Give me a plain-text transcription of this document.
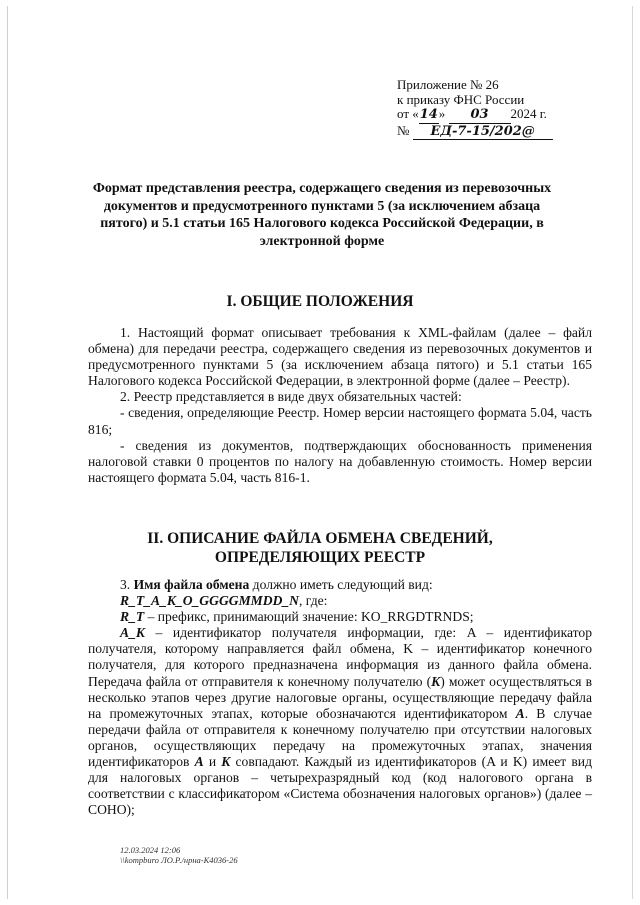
Приложение № 26
к приказу ФНС России
от «14» 03 2024 г.
№ ЕД-7-15/202@
Формат представления реестра, содержащего сведения из перевозочных документов и предусмотренного пунктами 5 (за исключением абзаца пятого) и 5.1 статьи 165 Налогового кодекса Российской Федерации, в электронной форме
I. ОБЩИЕ ПОЛОЖЕНИЯ

1. Настоящий формат описывает требования к XML-файлам (далее – файл обмена) для передачи реестра, содержащего сведения из перевозочных документов и предусмотренного пунктами 5 (за исключением абзаца пятого) и 5.1 статьи 165 Налогового кодекса Российской Федерации, в электронной форме (далее – Реестр).

2. Реестр представляется в виде двух обязательных частей:

- сведения, определяющие Реестр. Номер версии настоящего формата 5.04, часть 816;

- сведения из документов, подтверждающих обоснованность применения налоговой ставки 0 процентов по налогу на добавленную стоимость. Номер версии настоящего формата 5.04, часть 816-1.

II. ОПИСАНИЕ ФАЙЛА ОБМЕНА СВЕДЕНИЙ, ОПРЕДЕЛЯЮЩИХ РЕЕСТР

3. Имя файла обмена должно иметь следующий вид:

R_T_A_K_O_GGGGMMDD_N, где:

R_T – префикс, принимающий значение: KO_RRGDTRNDS;

A_K – идентификатор получателя информации, где: A – идентификатор получателя, которому направляется файл обмена, K – идентификатор конечного получателя, для которого предназначена информация из данного файла обмена. Передача файла от отправителя к конечному получателю (K) может осуществляться в несколько этапов через другие налоговые органы, осуществляющие передачу файла на промежуточных этапах, которые обозначаются идентификатором A. В случае передачи файла от отправителя к конечному получателю при отсутствии налоговых органов, осуществляющих передачу на промежуточных этапах, значения идентификаторов A и K совпадают. Каждый из идентификаторов (A и K) имеет вид для налоговых органов – четырехразрядный код (код налогового органа в соответствии с классификатором «Система обозначения налоговых органов») (далее – СОНО);

12.03.2024 12:06
\\kompburo ЛО.Р./нрна-К4036-26
